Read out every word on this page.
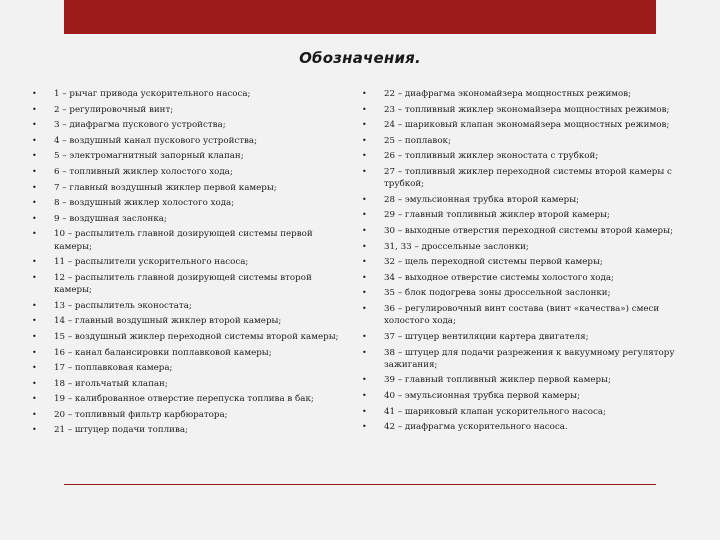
Обозначения.
• 1 – рычаг привода ускорительного насоса;
• 2 – регулировочный винт;
• 3 – диафрагма пускового устройства;
• 4 – воздушный канал пускового устройства;
• 5 – электромагнитный запорный клапан;
• 6 – топливный жиклер холостого хода;
• 7 – главный воздушный жиклер первой камеры;
• 8 – воздушный жиклер холостого хода;
• 9 – воздушная заслонка;
• 10 – распылитель главной дозирующей системы первой камеры;
• 11 – распылители ускорительного насоса;
• 12 – распылитель главной дозирующей системы второй камеры;
• 13 – распылитель эконостата;
• 14 – главный воздушный жиклер второй камеры;
• 15 – воздушный жиклер переходной системы второй камеры;
• 16 – канал балансировки поплавковой камеры;
• 17 – поплавковая камера;
• 18 – игольчатый клапан;
• 19 – калиброванное отверстие перепуска топлива в бак;
• 20 – топливный фильтр карбюратора;
• 21 – штуцер подачи топлива;
• 22 – диафрагма экономайзера мощностных режимов;
• 23 – топливный жиклер экономайзера мощностных режимов;
• 24 – шариковый клапан экономайзера мощностных режимов;
• 25 – поплавок;
• 26 – топливный жиклер эконостата с трубкой;
• 27 – топливный жиклер переходной системы второй камеры с трубкой;
• 28 – эмульсионная трубка второй камеры;
• 29 – главный топливный жиклер второй камеры;
• 30 – выходные отверстия переходной системы второй камеры;
• 31, 33 – дроссельные заслонки;
• 32 – щель переходной системы первой камеры;
• 34 – выходное отверстие системы холостого хода;
• 35 – блок подогрева зоны дроссельной заслонки;
• 36 – регулировочный винт состава (винт «качества») смеси холостого хода;
• 37 – штуцер вентиляции картера двигателя;
• 38 – штуцер для подачи разрежения к вакуумному регулятору зажигания;
• 39 – главный топливный жиклер первой камеры;
• 40 – эмульсионная трубка первой камеры;
• 41 – шариковый клапан ускорительного насоса;
• 42 – диафрагма ускорительного насоса.
